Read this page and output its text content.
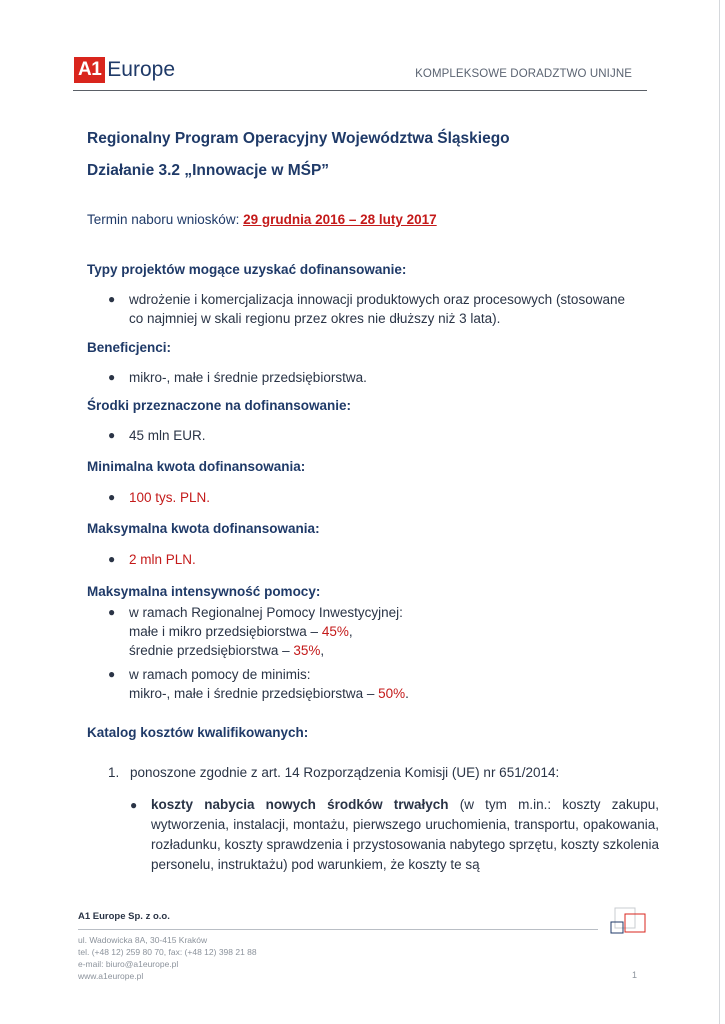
A1 Europe	KOMPLEKSOWE DORADZTWO UNIJNE
Regionalny Program Operacyjny Województwa Śląskiego
Działanie 3.2 „Innowacje w MŚP”
Termin naboru wniosków: 29 grudnia 2016 – 28 luty 2017
Typy projektów mogące uzyskać dofinansowanie:
●	wdrożenie i komercjalizacja innowacji produktowych oraz procesowych (stosowane
co najmniej w skali regionu przez okres nie dłuższy niż 3 lata).
Beneficjenci:
●	mikro-, małe i średnie przedsiębiorstwa.
Środki przeznaczone na dofinansowanie:
●	45 mln EUR.
Minimalna kwota dofinansowania:
●	100 tys. PLN.
Maksymalna kwota dofinansowania:
●	2 mln PLN.
Maksymalna intensywność pomocy:
●	w ramach Regionalnej Pomocy Inwestycyjnej:
małe i mikro przedsiębiorstwa – 45%,
średnie przedsiębiorstwa – 35%,
●	w ramach pomocy de minimis:
mikro-, małe i średnie przedsiębiorstwa – 50%.
Katalog kosztów kwalifikowanych:
1. ponoszone zgodnie z art. 14 Rozporządzenia Komisji (UE) nr 651/2014:
●	koszty nabycia nowych środków trwałych (w tym m.in.: koszty zakupu, wytworzenia, instalacji, montażu, pierwszego uruchomienia, transportu, opakowania, rozładunku, koszty sprawdzenia i przystosowania nabytego sprzętu, koszty szkolenia personelu, instruktażu) pod warunkiem, że koszty te są
A1 Europe Sp. z o.o.
ul. Wadowicka 8A, 30-415 Kraków
tel. (+48 12) 259 80 70, fax: (+48 12) 398 21 88
e-mail: biuro@a1europe.pl
www.a1europe.pl	1
